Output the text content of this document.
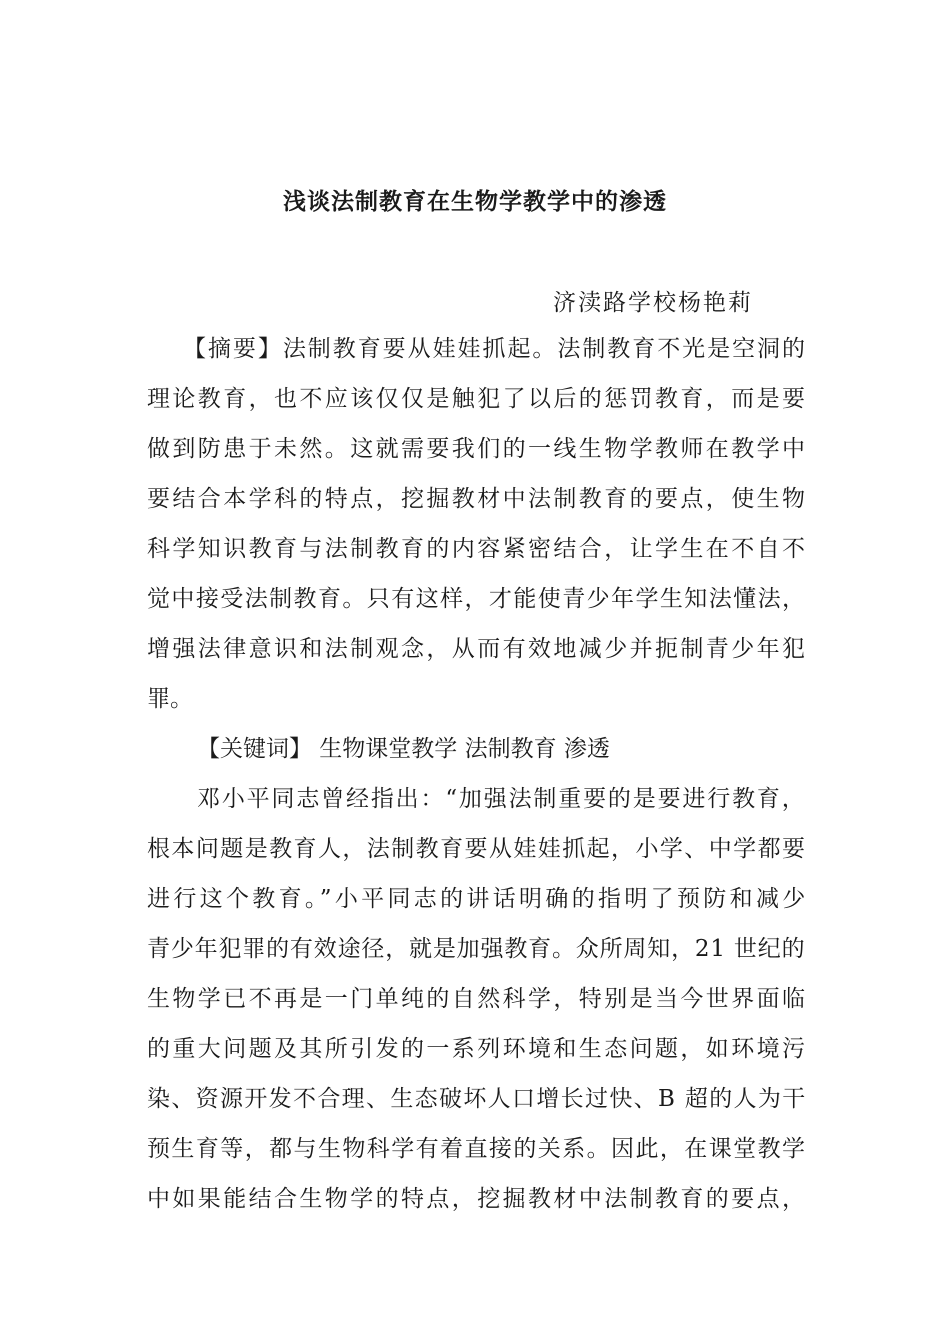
浅谈法制教育在生物学教学中的渗透
济渎路学校杨艳莉
【摘要】法制教育要从娃娃抓起。法制教育不光是空洞的
理论教育，也不应该仅仅是触犯了以后的惩罚教育，而是要
做到防患于未然。这就需要我们的一线生物学教师在教学中
要结合本学科的特点，挖掘教材中法制教育的要点，使生物
科学知识教育与法制教育的内容紧密结合，让学生在不自不
觉中接受法制教育。只有这样，才能使青少年学生知法懂法，
增强法律意识和法制观念，从而有效地减少并扼制青少年犯
罪。
【关键词】 生物课堂教学 法制教育 渗透
邓小平同志曾经指出：“加强法制重要的是要进行教育，
根本问题是教育人，法制教育要从娃娃抓起，小学、中学都要
进行这个教育。”小平同志的讲话明确的指明了预防和减少
青少年犯罪的有效途径，就是加强教育。众所周知，21 世纪的
生物学已不再是一门单纯的自然科学，特别是当今世界面临
的重大问题及其所引发的一系列环境和生态问题，如环境污
染、资源开发不合理、生态破坏人口增长过快、B 超的人为干
预生育等，都与生物科学有着直接的关系。因此，在课堂教学
中如果能结合生物学的特点，挖掘教材中法制教育的要点，
